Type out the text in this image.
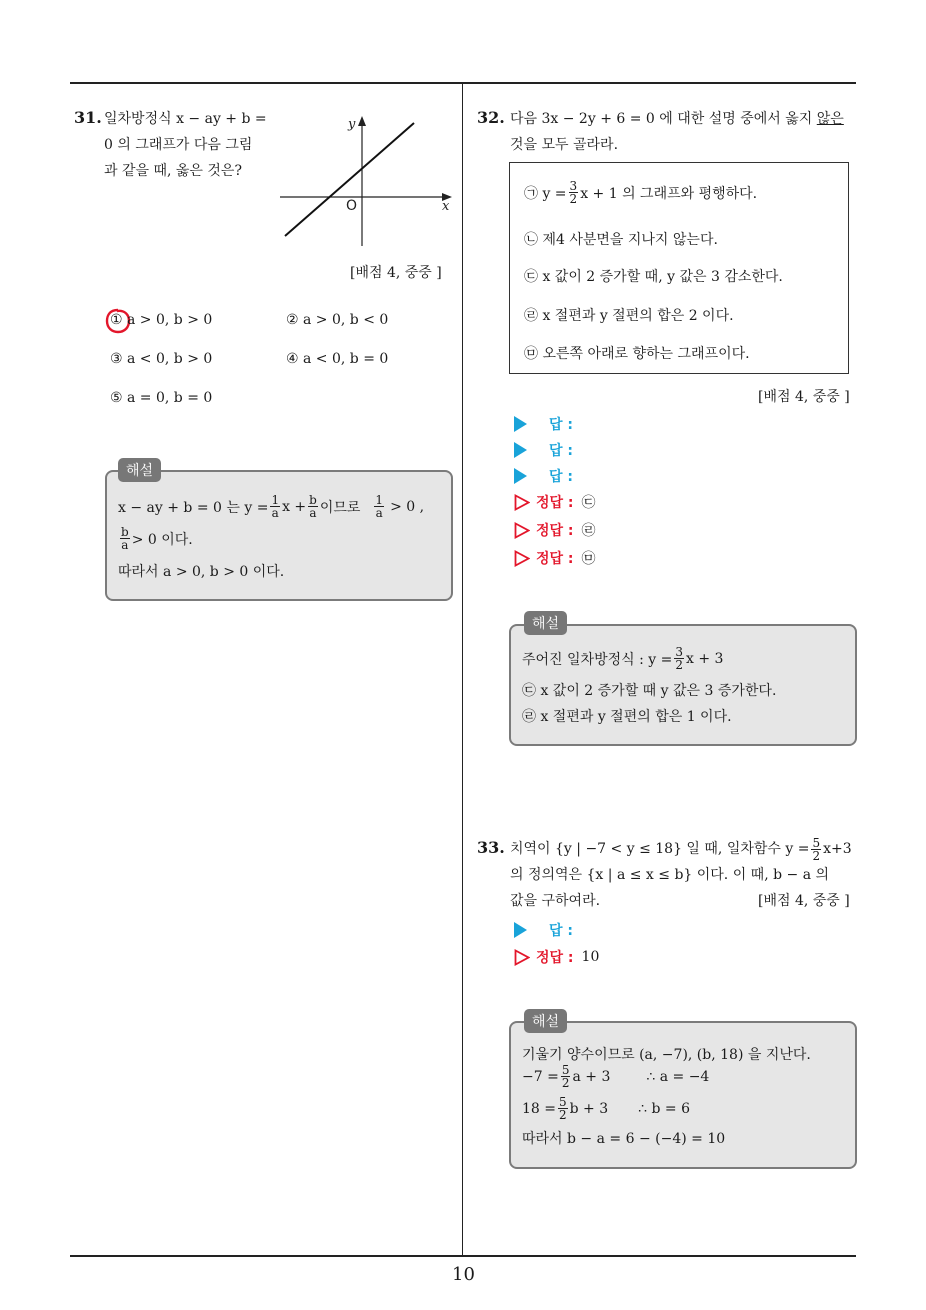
31. 일차방정식 x − ay + b =
0 의 그래프가 다음 그림
과 같을 때, 옳은 것은?
y
x
O
[배점 4, 중중 ]
① a > 0, b > 0	② a > 0, b < 0
③ a < 0, b > 0	④ a < 0, b = 0
⑤ a = 0, b = 0
해설
x − ay + b = 0 는 $y = \frac{1}{a}$ $x + \frac{b}{a}$ 이므로 $\frac{1}{a} > 0$ ,
$\frac{b}{a} > 0$ 이다.
따라서 a > 0, b > 0 이다.
32. 다음 3x − 2y + 6 = 0 에 대한 설명 중에서 옳지 않은
것을 모두 골라라.
㉠ $y = \frac{3}{2}$ x + 1 의 그래프와 평행하다.
㉡ 제4 사분면을 지나지 않는다.
㉢ x 값이 2 증가할 때, y 값은 3 감소한다.
㉣ x 절편과 y 절편의 합은 2 이다.
㉤ 오른쪽 아래로 향하는 그래프이다.
[배점 4, 중중 ]
답 :
답 :
답 :
정답 : ㉢
정답 : ㉣
정답 : ㉤
해설
주어진 일차방정식 : $y = \frac{3}{2}$ x + 3
㉢ x 값이 2 증가할 때 y 값은 3 증가한다.
㉣ x 절편과 y 절편의 합은 1 이다.
33. 치역이 {y | −7 < y ≤ 18} 일 때, 일차함수 $y = \frac{5}{2} x+3$
의 정의역은 {x | a ≤ x ≤ b} 이다. 이 때, b − a 의
값을 구하여라.	[배점 4, 중중 ]
답 :
정답 : 10
해설
기울기 양수이므로 (a, −7), (b, 18) 을 지난다.
$-7 = \frac{5}{2}$ a + 3	∴ a = −4
$18 = \frac{5}{2}$ b + 3 ∴ b = 6
따라서 b − a = 6 − (−4) = 10
10
